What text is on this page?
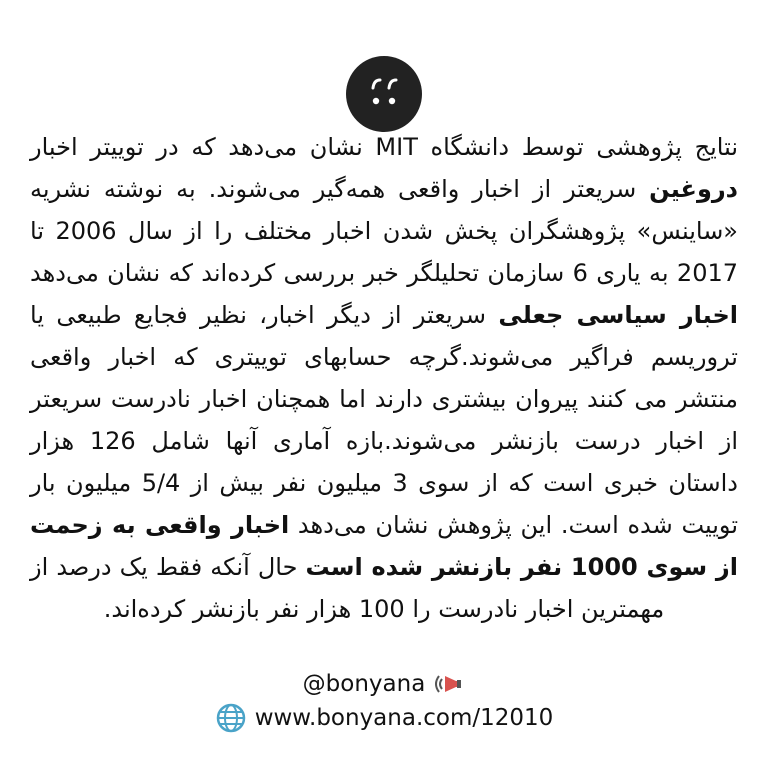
نتایج پژوهشی توسط دانشگاه MIT نشان می‌دهد که در توییتر اخبار دروغین سریعتر از اخبار واقعی همه‌گیر می‌شوند. به نوشته نشریه «ساینس» پژوهشگران پخش شدن اخبار مختلف را از سال 2006 تا 2017 به یاری 6 سازمان تحلیلگر خبر بررسی کرده‌اند که نشان می‌دهد اخبار سیاسی جعلی سریعتر از دیگر اخبار، نظیر فجایع طبیعی یا تروریسم فراگیر می‌شوند.گرچه حسابهای توییتری که اخبار واقعی منتشر می کنند پیروان بیشتری دارند اما همچنان اخبار نادرست سریعتر از اخبار درست بازنشر می‌شوند.بازه آماری آنها شامل 126 هزار داستان خبری است که از سوی 3 میلیون نفر بیش از 5/4 میلیون بار توییت شده است. این پژوهش نشان می‌دهد اخبار واقعی به زحمت از سوی 1000 نفر بازنشر شده است حال آنکه فقط یک درصد از مهمترین اخبار نادرست را 100 هزار نفر بازنشر کرده‌اند.

@bonyana
www.bonyana.com/12010
